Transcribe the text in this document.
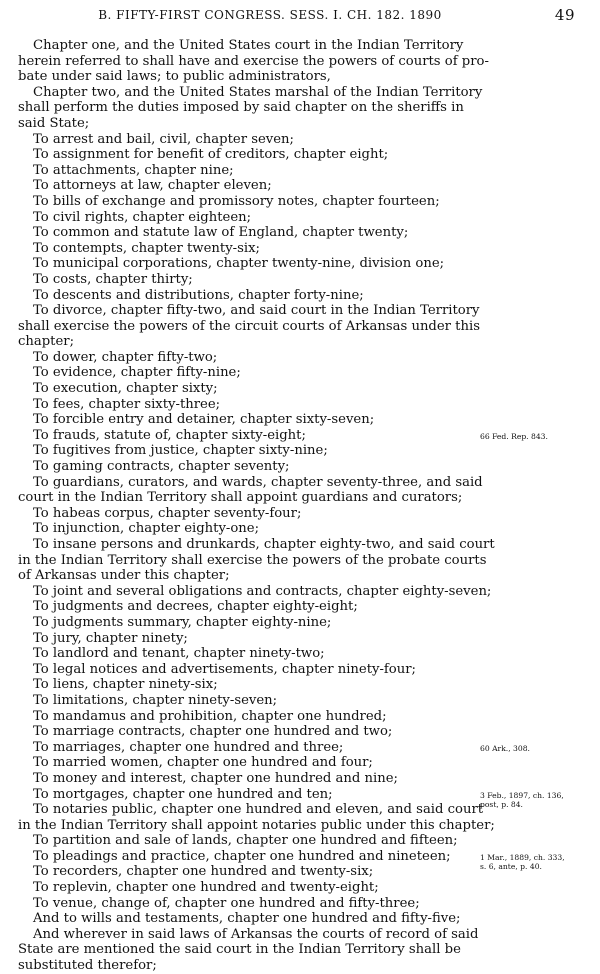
B. FIFTY-FIRST CONGRESS. SESS. I. CH. 182. 1890	49
Chapter one, and the United States court in the Indian Territory
herein referred to shall have and exercise the powers of courts of pro-
bate under said laws; to public administrators,
Chapter two, and the United States marshal of the Indian Territory
shall perform the duties imposed by said chapter on the sheriffs in
said State;
To arrest and bail, civil, chapter seven;
To assignment for benefit of creditors, chapter eight;
To attachments, chapter nine;
To attorneys at law, chapter eleven;
To bills of exchange and promissory notes, chapter fourteen;
To civil rights, chapter eighteen;
To common and statute law of England, chapter twenty;
To contempts, chapter twenty-six;
To municipal corporations, chapter twenty-nine, division one;
To costs, chapter thirty;
To descents and distributions, chapter forty-nine;
To divorce, chapter fifty-two, and said court in the Indian Territory
shall exercise the powers of the circuit courts of Arkansas under this
chapter;
To dower, chapter fifty-two;
To evidence, chapter fifty-nine;
To execution, chapter sixty;
To fees, chapter sixty-three;
To forcible entry and detainer, chapter sixty-seven;
To frauds, statute of, chapter sixty-eight;
To fugitives from justice, chapter sixty-nine;
To gaming contracts, chapter seventy;
To guardians, curators, and wards, chapter seventy-three, and said
court in the Indian Territory shall appoint guardians and curators;
To habeas corpus, chapter seventy-four;
To injunction, chapter eighty-one;
To insane persons and drunkards, chapter eighty-two, and said court
in the Indian Territory shall exercise the powers of the probate courts
of Arkansas under this chapter;
To joint and several obligations and contracts, chapter eighty-seven;
To judgments and decrees, chapter eighty-eight;
To judgments summary, chapter eighty-nine;
To jury, chapter ninety;
To landlord and tenant, chapter ninety-two;
To legal notices and advertisements, chapter ninety-four;
To liens, chapter ninety-six;
To limitations, chapter ninety-seven;
To mandamus and prohibition, chapter one hundred;
To marriage contracts, chapter one hundred and two;
To marriages, chapter one hundred and three;
To married women, chapter one hundred and four;
To money and interest, chapter one hundred and nine;
To mortgages, chapter one hundred and ten;
To notaries public, chapter one hundred and eleven, and said court
in the Indian Territory shall appoint notaries public under this chapter;
To partition and sale of lands, chapter one hundred and fifteen;
To pleadings and practice, chapter one hundred and nineteen;
To recorders, chapter one hundred and twenty-six;
To replevin, chapter one hundred and twenty-eight;
To venue, change of, chapter one hundred and fifty-three;
And to wills and testaments, chapter one hundred and fifty-five;
And wherever in said laws of Arkansas the courts of record of said
State are mentioned the said court in the Indian Territory shall be
substituted therefor;
66 Fed. Rep. 843.
60 Ark., 308.
3 Feb., 1897, ch. 136,
post, p. 84.
1 Mar., 1889, ch. 333,
s. 6, ante, p. 40.
